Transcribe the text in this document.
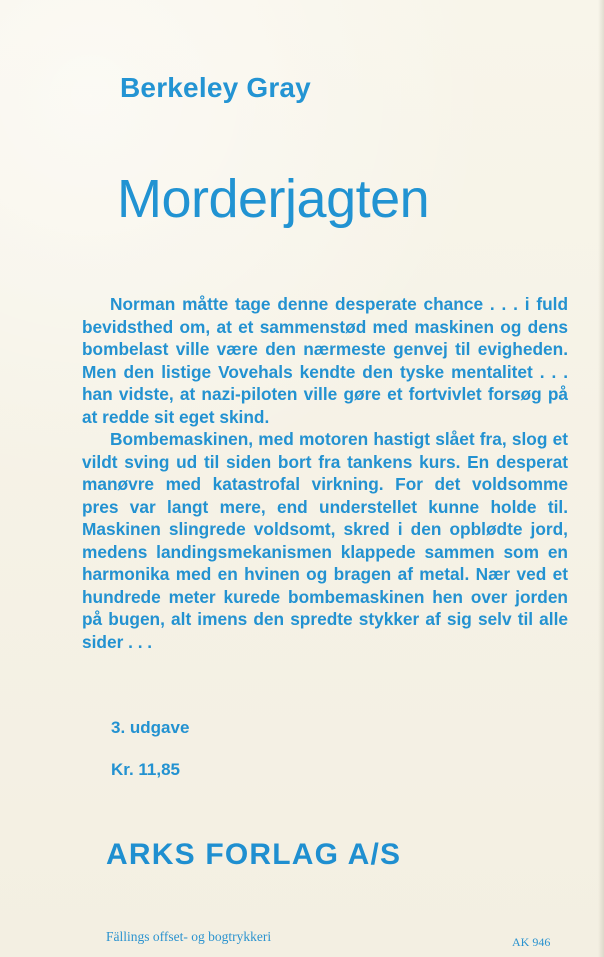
Berkeley Gray
Morderjagten

Norman måtte tage denne desperate chance . . . i fuld bevidsthed om, at et sammenstød med maskinen og dens bombelast ville være den nærmeste genvej til evigheden. Men den listige Vovehals kendte den tyske mentalitet . . . han vidste, at nazi-piloten ville gøre et fortvivlet forsøg på at redde sit eget skind.

Bombemaskinen, med motoren hastigt slået fra, slog et vildt sving ud til siden bort fra tankens kurs. En desperat manøvre med katastrofal virkning. For det voldsomme pres var langt mere, end understellet kunne holde til. Maskinen slingrede voldsomt, skred i den opblødte jord, medens landingsmekanismen klappede sammen som en harmonika med en hvinen og bragen af metal. Nær ved et hundrede meter kurede bombemaskinen hen over jorden på bugen, alt imens den spredte stykker af sig selv til alle sider . . .

3. udgave
Kr. 11,85
ARKS FORLAG A/S
Fällings offset- og bogtrykkeri	AK 946
